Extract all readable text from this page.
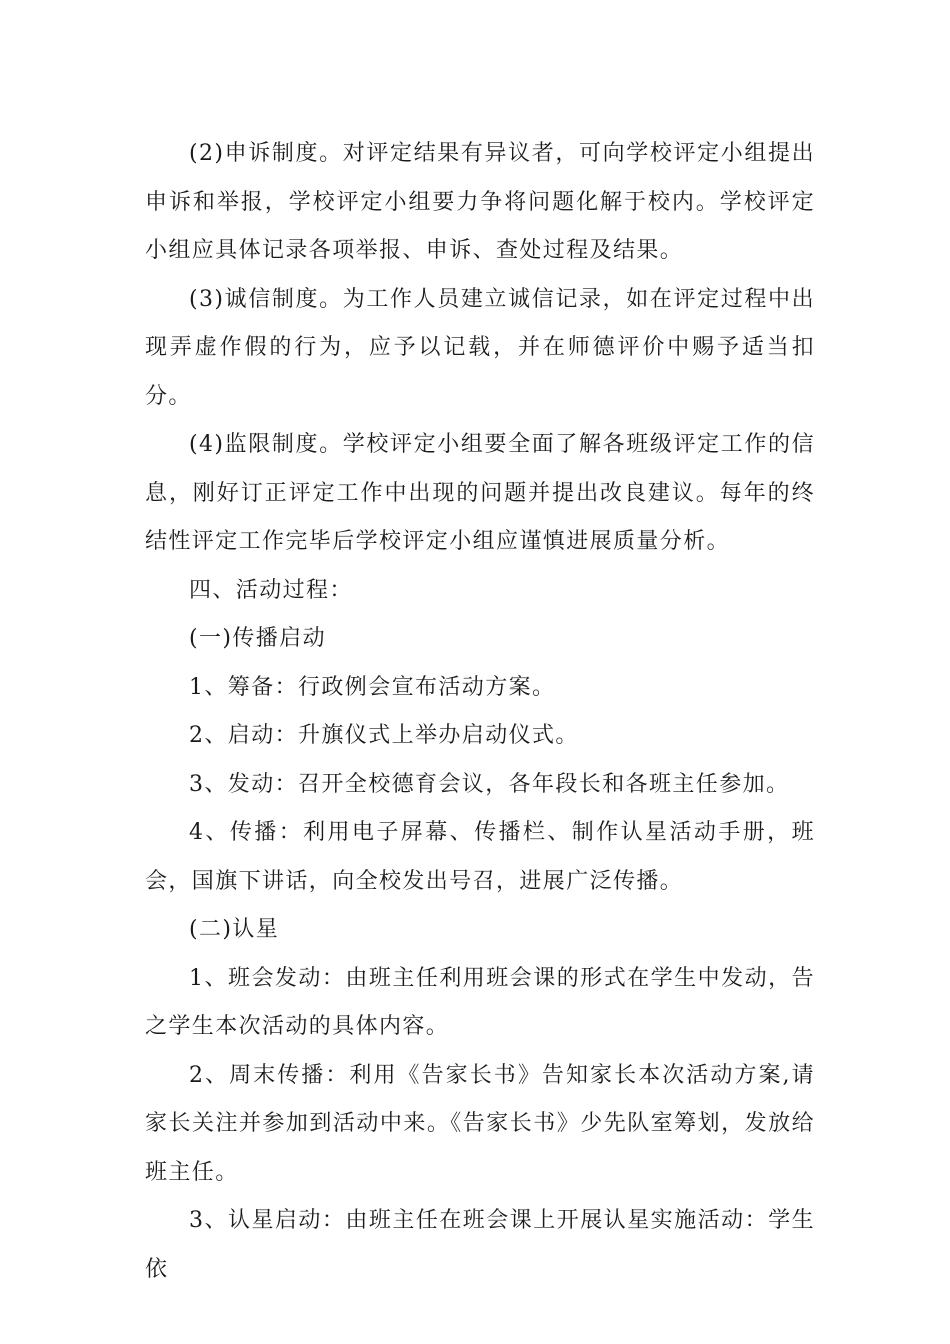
(2)申诉制度。对评定结果有异议者，可向学校评定小组提出申诉和举报，学校评定小组要力争将问题化解于校内。学校评定小组应具体记录各项举报、申诉、查处过程及结果。

(3)诚信制度。为工作人员建立诚信记录，如在评定过程中出现弄虚作假的行为，应予以记载，并在师德评价中赐予适当扣分。

(4)监限制度。学校评定小组要全面了解各班级评定工作的信息，刚好订正评定工作中出现的问题并提出改良建议。每年的终结性评定工作完毕后学校评定小组应谨慎进展质量分析。

四、活动过程：

(一)传播启动

1、筹备：行政例会宣布活动方案。

2、启动：升旗仪式上举办启动仪式。

3、发动：召开全校德育会议，各年段长和各班主任参加。

4、传播：利用电子屏幕、传播栏、制作认星活动手册，班会，国旗下讲话，向全校发出号召，进展广泛传播。

(二)认星

1、班会发动：由班主任利用班会课的形式在学生中发动，告之学生本次活动的具体内容。

2、周末传播：利用《告家长书》告知家长本次活动方案,请家长关注并参加到活动中来。《告家长书》少先队室筹划，发放给班主任。

3、认星启动：由班主任在班会课上开展认星实施活动：学生依
